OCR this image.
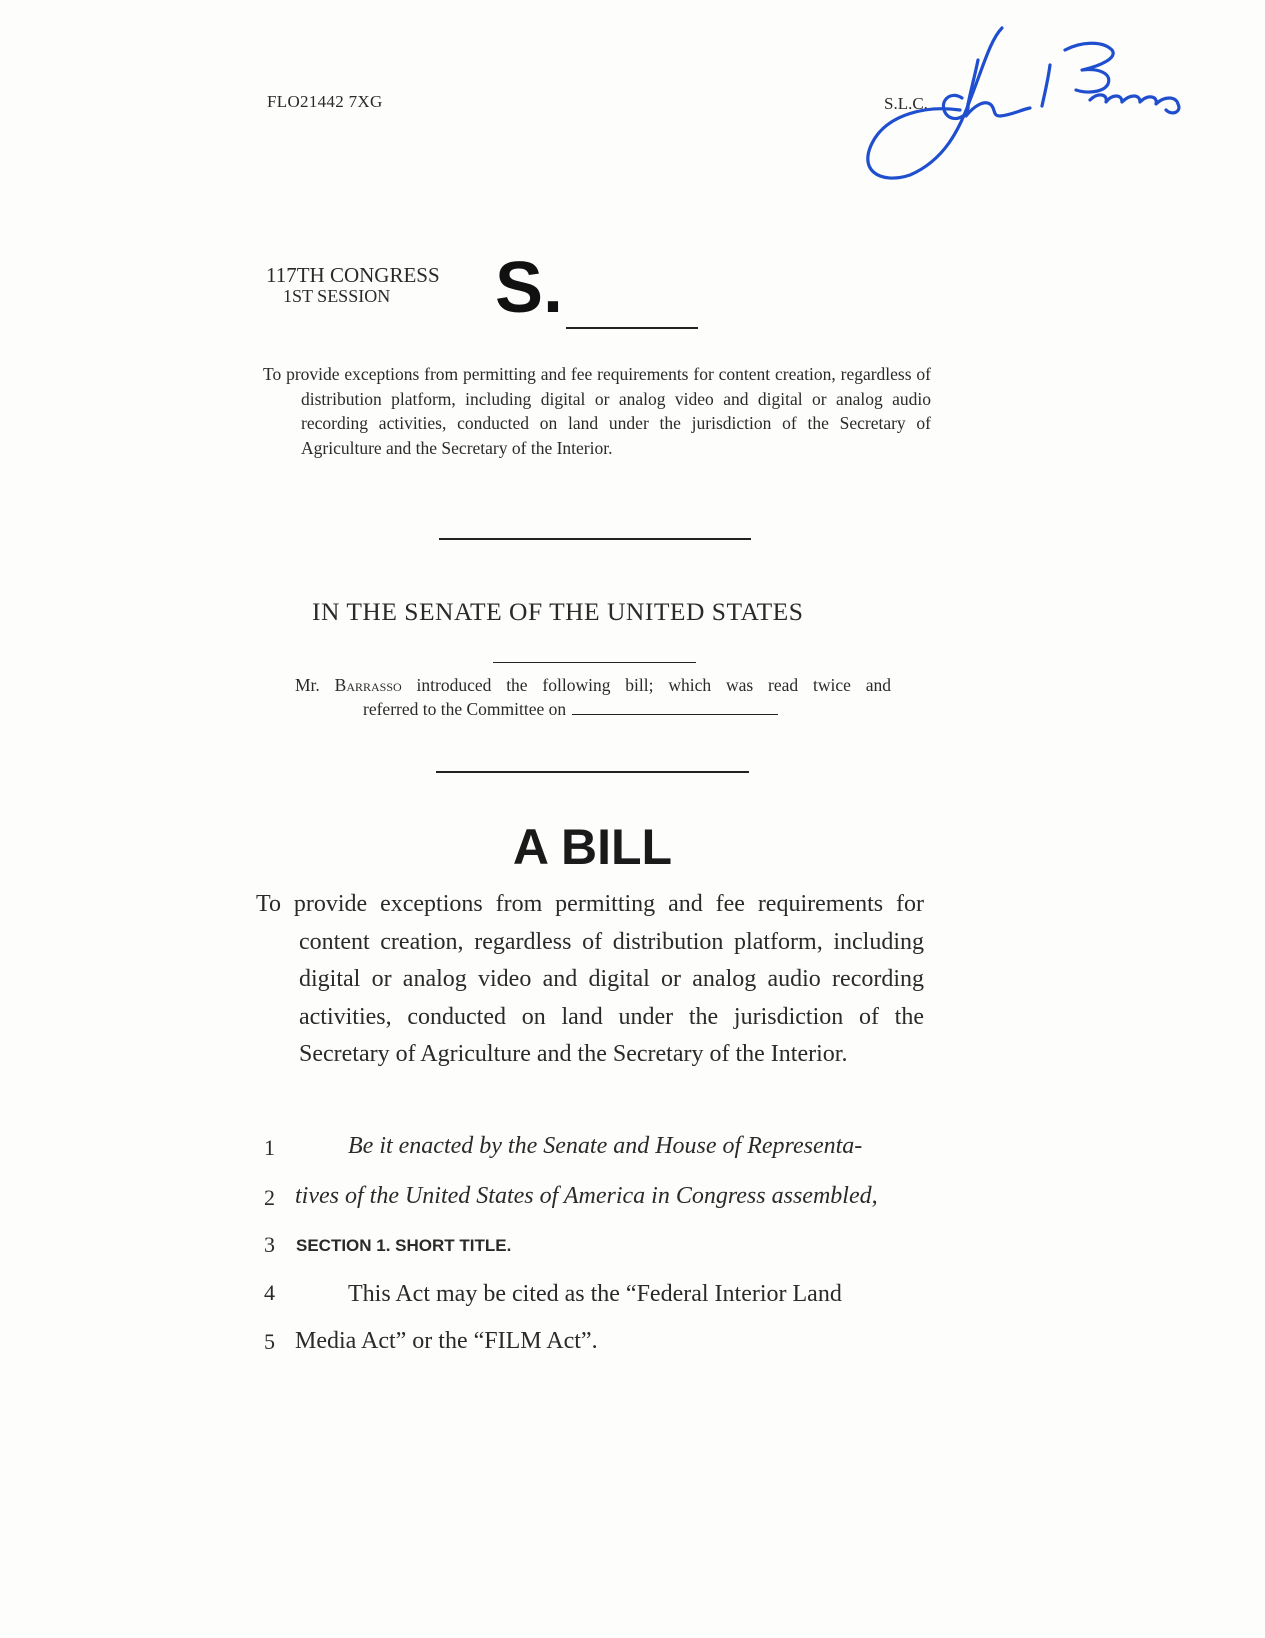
FLO21442 7XG	S.L.C.
117TH CONGRESS
1ST SESSION S.
To provide exceptions from permitting and fee requirements for content creation, regardless of distribution platform, including digital or analog video and digital or analog audio recording activities, conducted on land under the jurisdiction of the Secretary of Agriculture and the Secretary of the Interior.
IN THE SENATE OF THE UNITED STATES
Mr. Barrasso introduced the following bill; which was read twice and
referred to the Committee on
A BILL
To provide exceptions from permitting and fee requirements for content creation, regardless of distribution platform, including digital or analog video and digital or analog audio recording activities, conducted on land under the jurisdiction of the Secretary of Agriculture and the Secretary of the Interior.
1	Be it enacted by the Senate and House of Representa-
2 tives of the United States of America in Congress assembled,
3 SECTION 1. SHORT TITLE.
4	This Act may be cited as the “Federal Interior Land
5 Media Act” or the “FILM Act”.
